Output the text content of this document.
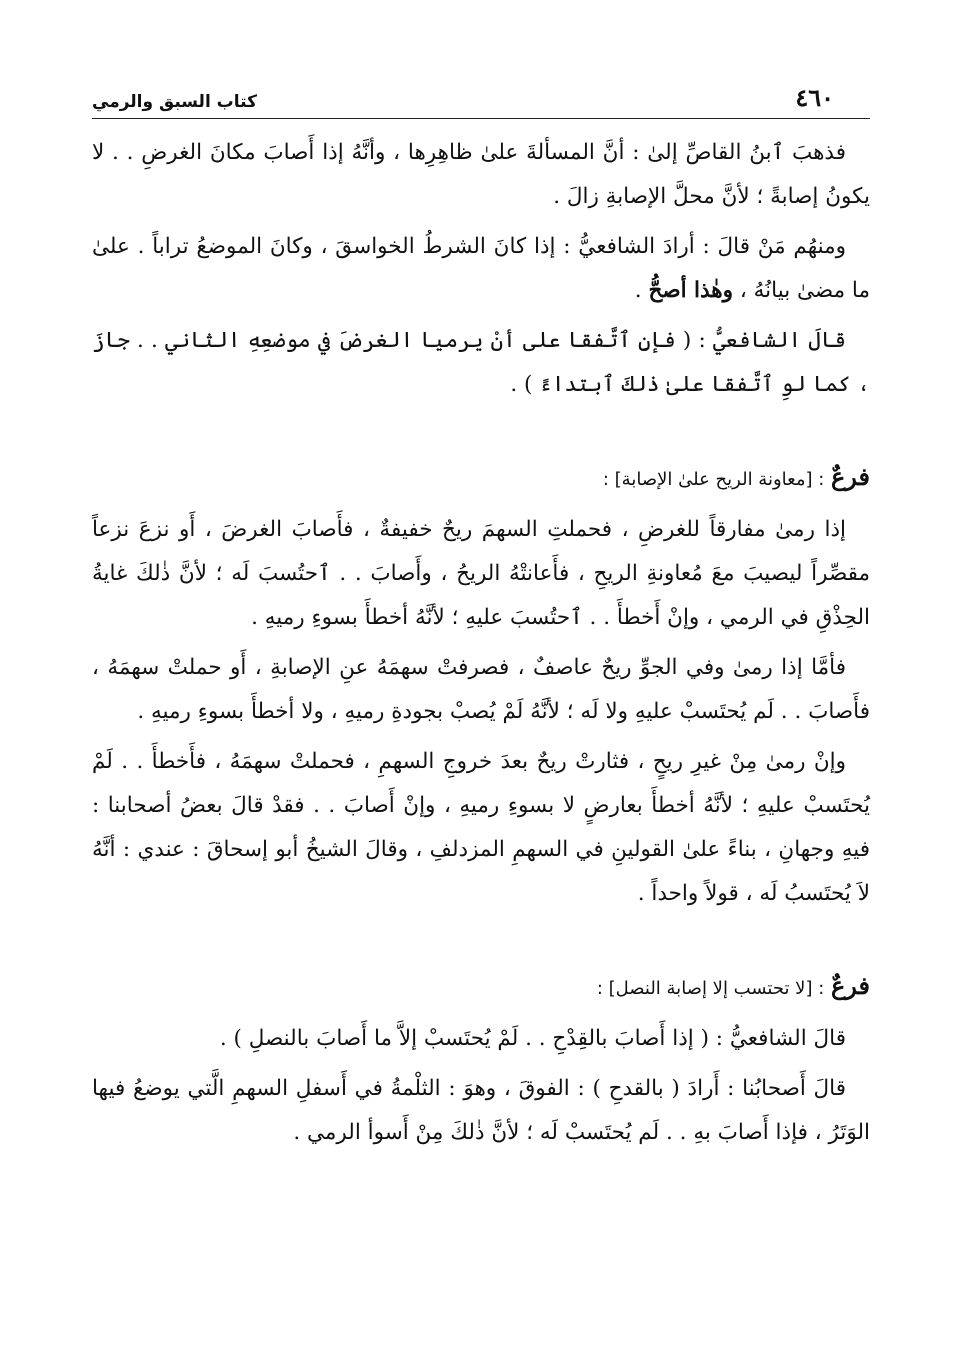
٤٦٠
كتاب السبق والرمي

فذهبَ ٱبنُ القاصِّ إلىٰ : أنَّ المسألةَ علىٰ ظاهِرِها ، وأنَّهُ إذا أَصابَ مكانَ الغرضِ . . لا يكونُ إصابةً ؛ لأنَّ محلَّ الإصابةِ زالَ .

ومنهُم مَنْ قالَ : أرادَ الشافعيُّ : إذا كانَ الشرطُ الخواسقَ ، وكانَ الموضعُ تراباً . علىٰ ما مضىٰ بيانُهُ ، وهٰذا أصحُّ .

قالَ الشافعيُّ : ( فإنِ ٱتَّفقا على أنْ يرميا الغرضَ في موضعِهِ الثاني . . جازَ ، كما لوِ ٱتَّفقا علىٰ ذٰلكَ ٱبتداءً ) .

فرعٌ : [معاونة الريح علىٰ الإصابة] :

إذا رمىٰ مفارقاً للغرضِ ، فحملتِ السهمَ ريحٌ خفيفةٌ ، فأَصابَ الغرضَ ، أَو نزعَ نزعاً مقصِّراً ليصيبَ معَ مُعاونةِ الريحِ ، فأَعانتْهُ الريحُ ، وأَصابَ . . ٱحتُسبَ لَه ؛ لأنَّ ذٰلكَ غايةُ الحِذْقِ في الرمي ، وإنْ أَخطأَ . . ٱحتُسبَ عليهِ ؛ لأنَّهُ أخطأَ بسوءِ رميهِ .

فأمَّا إذا رمىٰ وفي الجوِّ ريحٌ عاصفٌ ، فصرفتْ سهمَهُ عنِ الإصابةِ ، أَو حملتْ سهمَهُ ، فأَصابَ . . لَم يُحتَسبْ عليهِ ولا لَه ؛ لأنَّهُ لَمْ يُصبْ بجودةِ رميهِ ، ولا أخطأَ بسوءِ رميهِ .

وإنْ رمىٰ مِنْ غيرِ ريحٍ ، فثارتْ ريحٌ بعدَ خروجِ السهمِ ، فحملتْ سهمَهُ ، فأَخطأَ . . لَمْ يُحتَسبْ عليهِ ؛ لأنَّهُ أخطأَ بعارضٍ لا بسوءِ رميهِ ، وإنْ أَصابَ . . فقدْ قالَ بعضُ أصحابنا : فيهِ وجهانِ ، بناءً علىٰ القولينِ في السهمِ المزدلفِ ، وقالَ الشيخُ أبو إسحاقَ : عندي : أنَّهُ لاَ يُحتَسبُ لَه ، قولاً واحداً .

فرعٌ : [لا تحتسب إلا إصابة النصل] :

قالَ الشافعيُّ : ( إذا أَصابَ بالقِدْحِ . . لَمْ يُحتَسبْ إلاَّ ما أَصابَ بالنصلِ ) .

قالَ أَصحابُنا : أَرادَ ( بالقدحِ ) : الفوقَ ، وهوَ : الثلْمةُ في أَسفلِ السهمِ الَّتي يوضعُ فيها الوَتَرُ ، فإذا أَصابَ بهِ . . لَم يُحتَسبْ لَه ؛ لأنَّ ذٰلكَ مِنْ أَسوأ الرمي .
